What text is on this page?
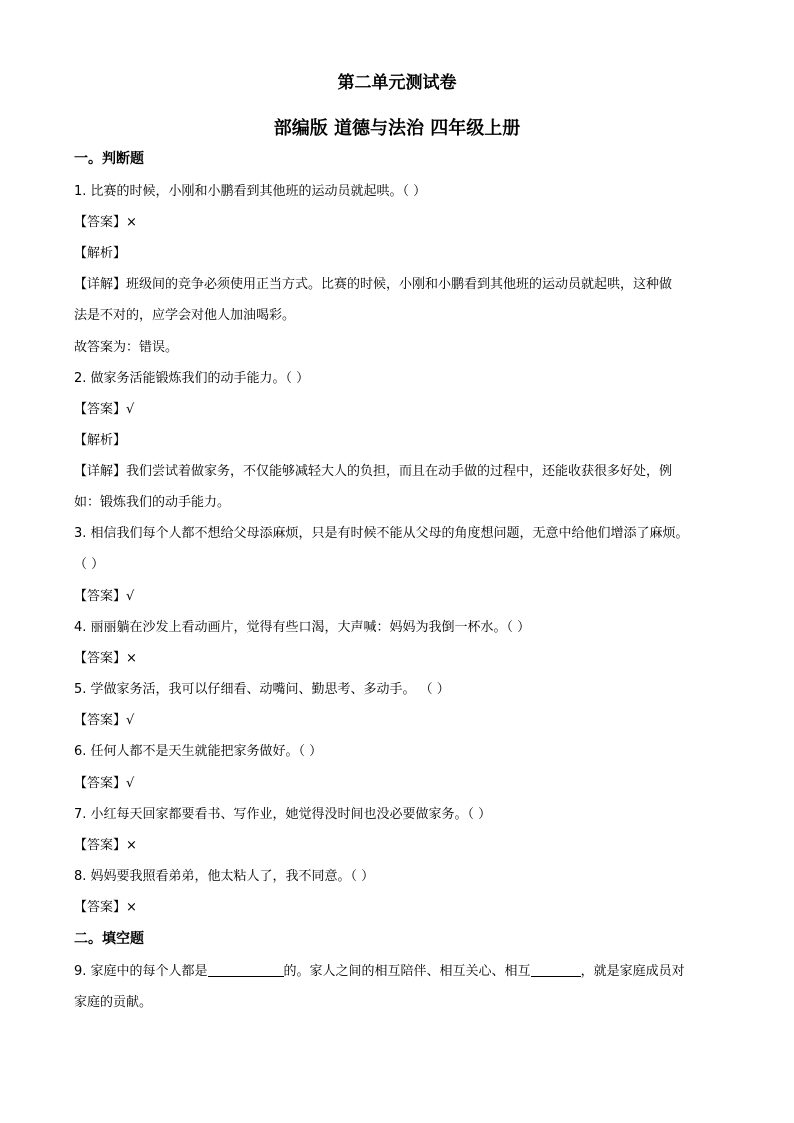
第二单元测试卷
部编版 道德与法治 四年级上册
一。判断题
1. 比赛的时候，小刚和小鹏看到其他班的运动员就起哄。（ ）
【答案】×
【解析】
【详解】班级间的竞争必须使用正当方式。比赛的时候，小刚和小鹏看到其他班的运动员就起哄，这种做
法是不对的，应学会对他人加油喝彩。
故答案为：错误。
2. 做家务活能锻炼我们的动手能力。（ ）
【答案】√
【解析】
【详解】我们尝试着做家务，不仅能够减轻大人的负担，而且在动手做的过程中，还能收获很多好处，例
如：锻炼我们的动手能力。
3. 相信我们每个人都不想给父母添麻烦，只是有时候不能从父母的角度想问题，无意中给他们增添了麻烦。
（ ）
【答案】√
4. 丽丽躺在沙发上看动画片，觉得有些口渴，大声喊：妈妈为我倒一杯水。（ ）
【答案】×
5. 学做家务活，我可以仔细看、动嘴问、勤思考、多动手。 （ ）
【答案】√
6. 任何人都不是天生就能把家务做好。（ ）
【答案】√
7. 小红每天回家都要看书、写作业，她觉得没时间也没必要做家务。（ ）
【答案】×
8. 妈妈要我照看弟弟，他太粘人了，我不同意。（ ）
【答案】×
二。填空题
9. 家庭中的每个人都是	的。家人之间的相互陪伴、相互关心、相互	，就是家庭成员对
家庭的贡献。
